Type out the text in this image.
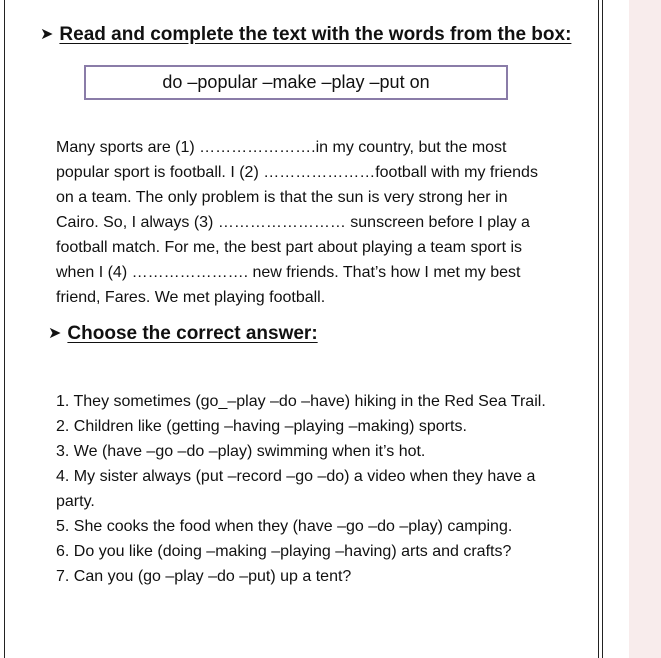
➤ Read and complete the text with the words from the box:
do –popular –make –play –put on
Many sports are (1) ………………….in my country, but the most
popular sport is football. I (2) …………………football with my friends
on a team. The only problem is that the sun is very strong her in
Cairo. So, I always (3) …………………… sunscreen before I play a
football match. For me, the best part about playing a team sport is
when I (4) …………………. new friends. That’s how I met my best
friend, Fares. We met playing football.
➤ Choose the correct answer:
1. They sometimes (go_–play –do –have) hiking in the Red Sea Trail.
2. Children like (getting –having –playing –making) sports.
3. We (have –go –do –play) swimming when it’s hot.
4. My sister always (put –record –go –do) a video when they have a
party.
5. She cooks the food when they (have –go –do –play) camping.
6. Do you like (doing –making –playing –having) arts and crafts?
7. Can you (go –play –do –put) up a tent?
